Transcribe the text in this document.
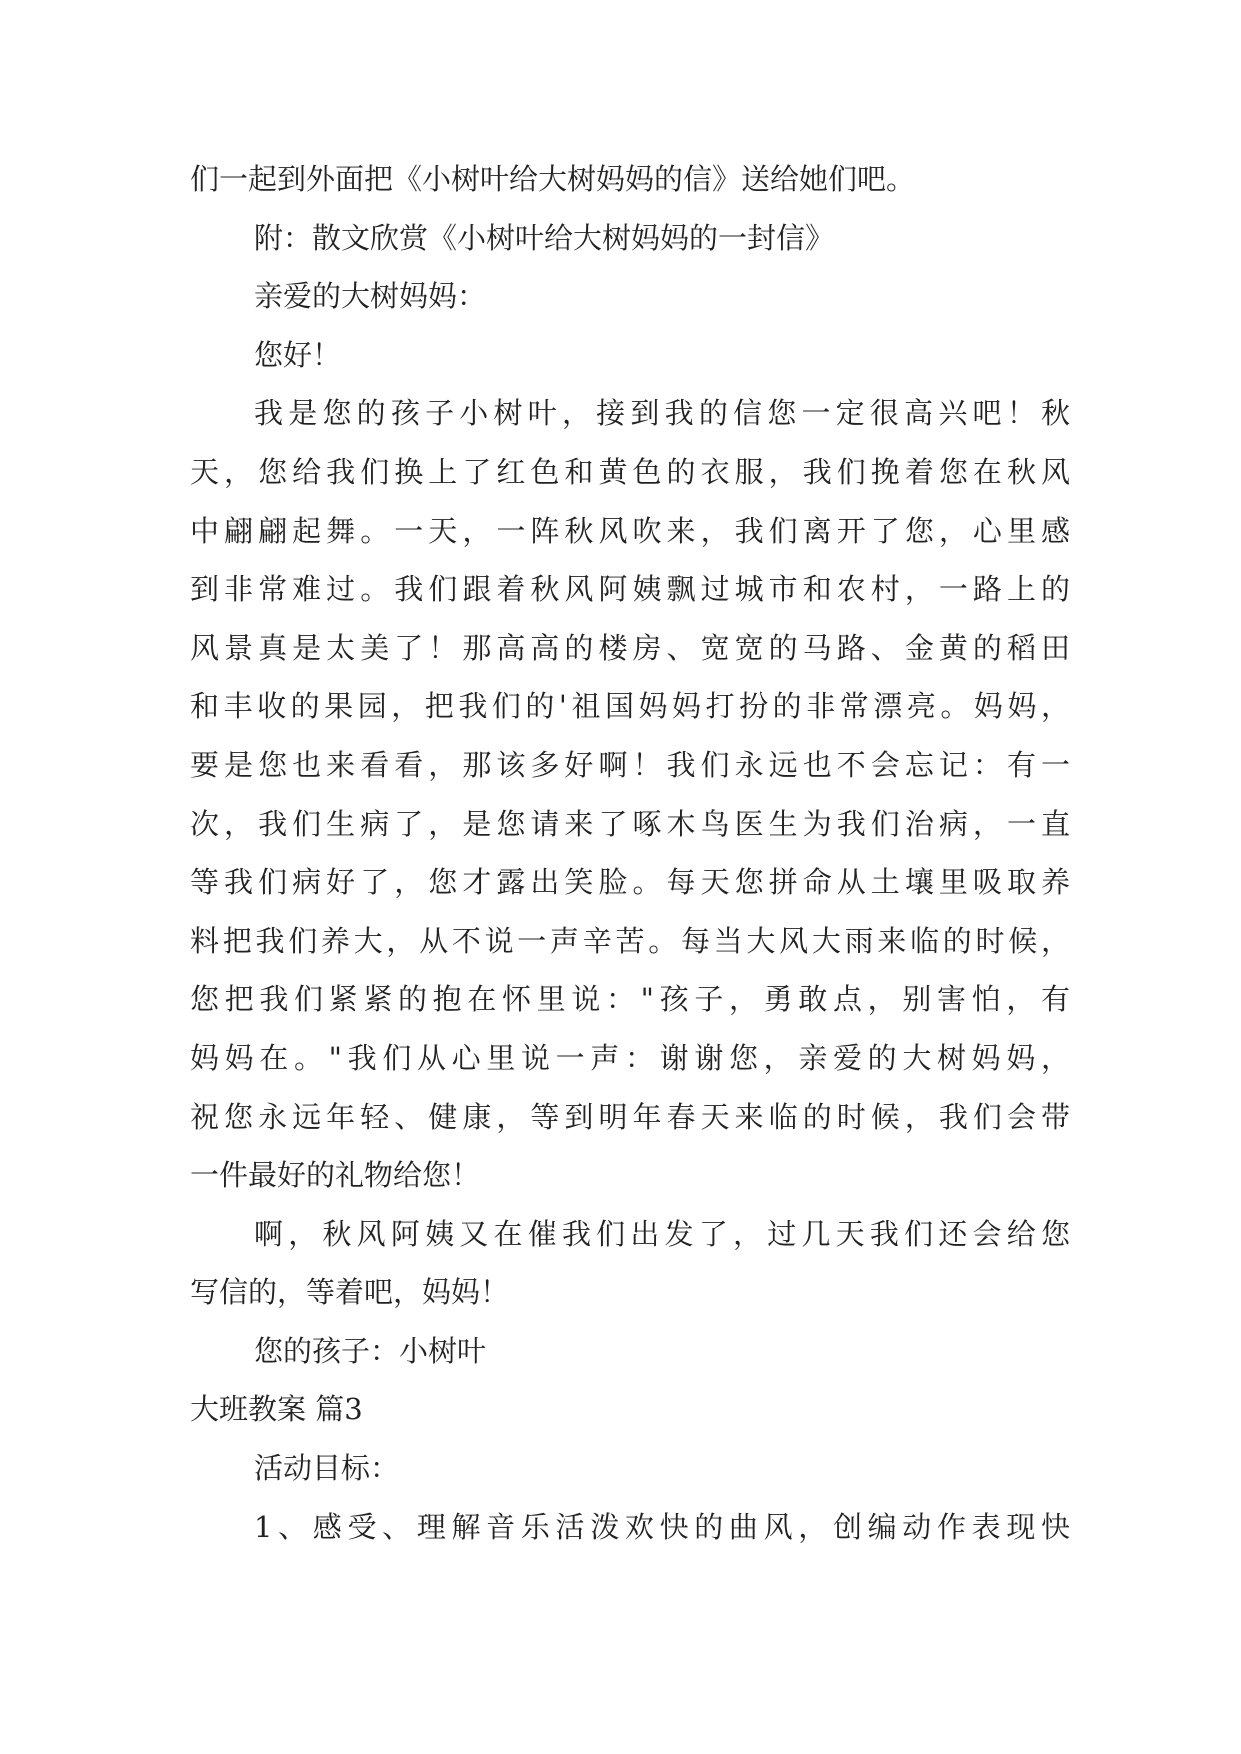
们一起到外面把《小树叶给大树妈妈的信》送给她们吧。
附：散文欣赏《小树叶给大树妈妈的一封信》
亲爱的大树妈妈：
您好！
我是您的孩子小树叶，接到我的信您一定很高兴吧！秋
天，您给我们换上了红色和黄色的衣服，我们挽着您在秋风
中翩翩起舞。一天，一阵秋风吹来，我们离开了您，心里感
到非常难过。我们跟着秋风阿姨飘过城市和农村，一路上的
风景真是太美了！那高高的楼房、宽宽的马路、金黄的稻田
和丰收的果园，把我们的'祖国妈妈打扮的非常漂亮。妈妈，
要是您也来看看，那该多好啊！我们永远也不会忘记：有一
次，我们生病了，是您请来了啄木鸟医生为我们治病，一直
等我们病好了，您才露出笑脸。每天您拼命从土壤里吸取养
料把我们养大，从不说一声辛苦。每当大风大雨来临的时候，
您把我们紧紧的抱在怀里说："孩子，勇敢点，别害怕，有
妈妈在。"我们从心里说一声：谢谢您，亲爱的大树妈妈，
祝您永远年轻、健康，等到明年春天来临的时候，我们会带
一件最好的礼物给您！
啊，秋风阿姨又在催我们出发了，过几天我们还会给您
写信的，等着吧，妈妈！
您的孩子：小树叶
大班教案 篇3
活动目标：
1、感受、理解音乐活泼欢快的曲风，创编动作表现快
